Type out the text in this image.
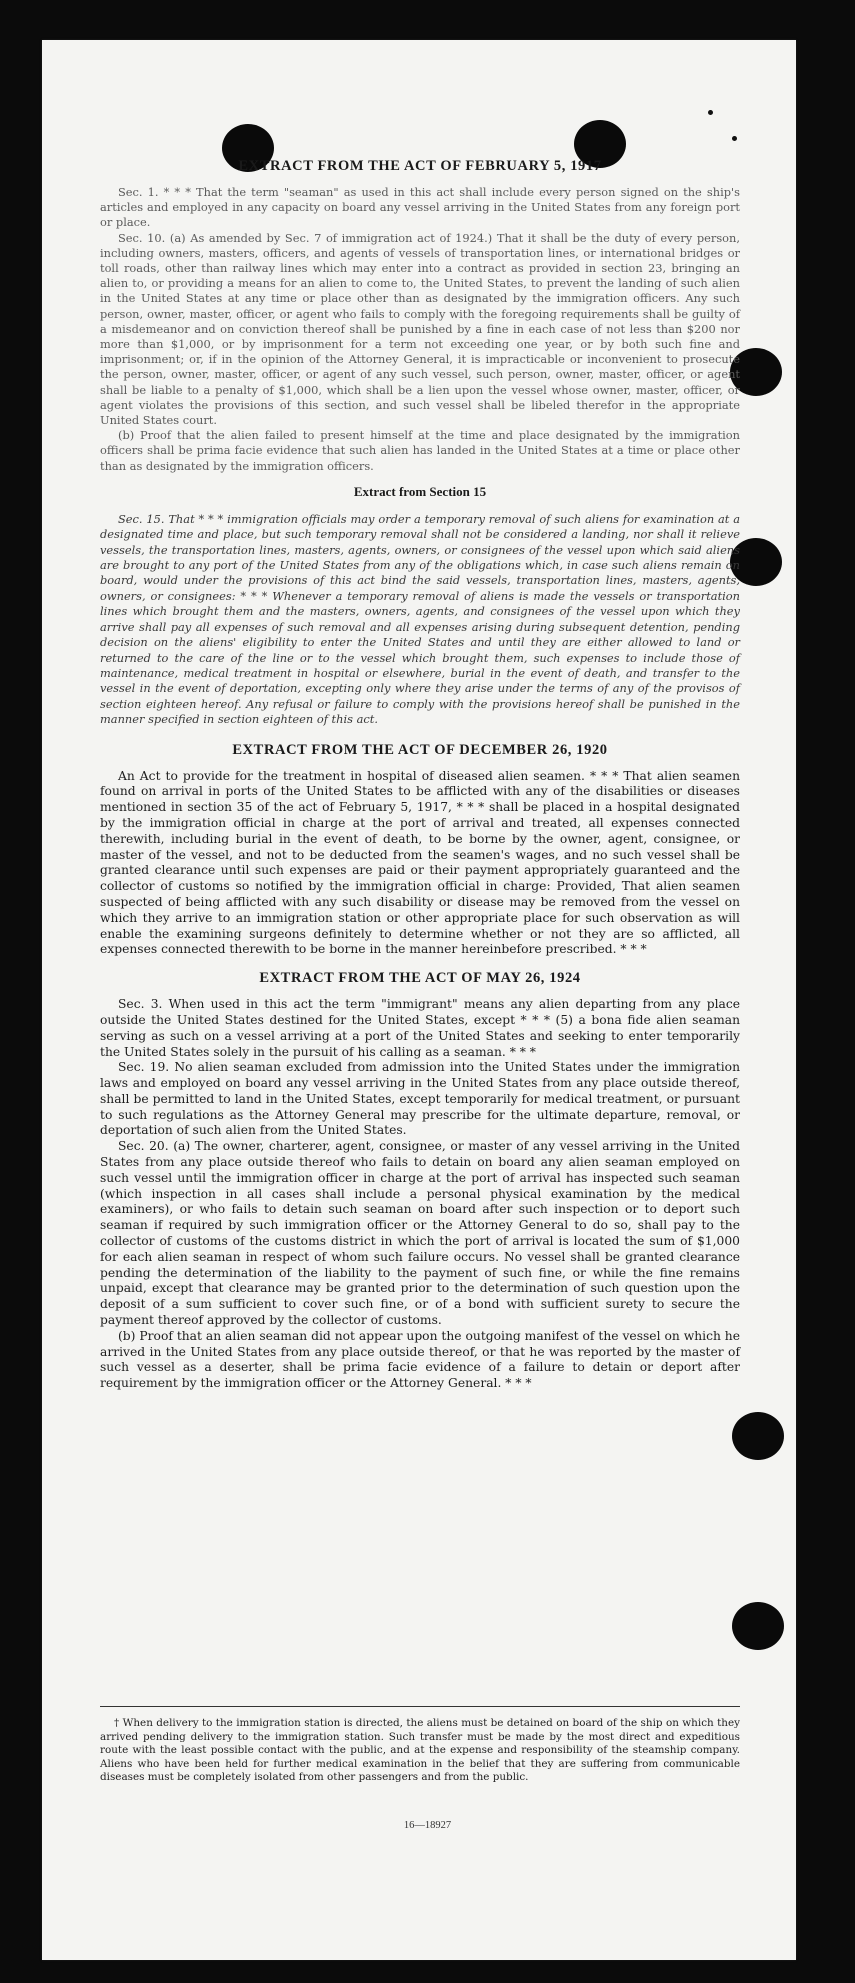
EXTRACT FROM THE ACT OF FEBRUARY 5, 1917

Sec. 1. * * * That the term "seaman" as used in this act shall include every person signed on the ship's articles and employed in any capacity on board any vessel arriving in the United States from any foreign port or place.

Sec. 10. (a) As amended by Sec. 7 of immigration act of 1924.) That it shall be the duty of every person, including owners, masters, officers, and agents of vessels of transportation lines, or international bridges or toll roads, other than railway lines which may enter into a contract as provided in section 23, bringing an alien to, or providing a means for an alien to come to, the United States, to prevent the landing of such alien in the United States at any time or place other than as designated by the immigration officers. Any such person, owner, master, officer, or agent who fails to comply with the foregoing requirements shall be guilty of a misdemeanor and on conviction thereof shall be punished by a fine in each case of not less than $200 nor more than $1,000, or by imprisonment for a term not exceeding one year, or by both such fine and imprisonment; or, if in the opinion of the Attorney General, it is impracticable or inconvenient to prosecute the person, owner, master, officer, or agent of any such vessel, such person, owner, master, officer, or agent shall be liable to a penalty of $1,000, which shall be a lien upon the vessel whose owner, master, officer, or agent violates the provisions of this section, and such vessel shall be libeled therefor in the appropriate United States court.

(b) Proof that the alien failed to present himself at the time and place designated by the immigration officers shall be prima facie evidence that such alien has landed in the United States at a time or place other than as designated by the immigration officers.

Extract from Section 15

Sec. 15. That * * * immigration officials may order a temporary removal of such aliens for examination at a designated time and place, but such temporary removal shall not be considered a landing, nor shall it relieve vessels, the transportation lines, masters, agents, owners, or consignees of the vessel upon which said aliens are brought to any port of the United States from any of the obligations which, in case such aliens remain on board, would under the provisions of this act bind the said vessels, transportation lines, masters, agents, owners, or consignees: * * * Whenever a temporary removal of aliens is made the vessels or transportation lines which brought them and the masters, owners, agents, and consignees of the vessel upon which they arrive shall pay all expenses of such removal and all expenses arising during subsequent detention, pending decision on the aliens' eligibility to enter the United States and until they are either allowed to land or returned to the care of the line or to the vessel which brought them, such expenses to include those of maintenance, medical treatment in hospital or elsewhere, burial in the event of death, and transfer to the vessel in the event of deportation, excepting only where they arise under the terms of any of the provisos of section eighteen hereof. Any refusal or failure to comply with the provisions hereof shall be punished in the manner specified in section eighteen of this act.

EXTRACT FROM THE ACT OF DECEMBER 26, 1920

An Act to provide for the treatment in hospital of diseased alien seamen. * * * That alien seamen found on arrival in ports of the United States to be afflicted with any of the disabilities or diseases mentioned in section 35 of the act of February 5, 1917, * * * shall be placed in a hospital designated by the immigration official in charge at the port of arrival and treated, all expenses connected therewith, including burial in the event of death, to be borne by the owner, agent, consignee, or master of the vessel, and not to be deducted from the seamen's wages, and no such vessel shall be granted clearance until such expenses are paid or their payment appropriately guaranteed and the collector of customs so notified by the immigration official in charge: Provided, That alien seamen suspected of being afflicted with any such disability or disease may be removed from the vessel on which they arrive to an immigration station or other appropriate place for such observation as will enable the examining surgeons definitely to determine whether or not they are so afflicted, all expenses connected therewith to be borne in the manner hereinbefore prescribed. * * *

EXTRACT FROM THE ACT OF MAY 26, 1924

Sec. 3. When used in this act the term "immigrant" means any alien departing from any place outside the United States destined for the United States, except * * * (5) a bona fide alien seaman serving as such on a vessel arriving at a port of the United States and seeking to enter temporarily the United States solely in the pursuit of his calling as a seaman. * * *

Sec. 19. No alien seaman excluded from admission into the United States under the immigration laws and employed on board any vessel arriving in the United States from any place outside thereof, shall be permitted to land in the United States, except temporarily for medical treatment, or pursuant to such regulations as the Attorney General may prescribe for the ultimate departure, removal, or deportation of such alien from the United States.

Sec. 20. (a) The owner, charterer, agent, consignee, or master of any vessel arriving in the United States from any place outside thereof who fails to detain on board any alien seaman employed on such vessel until the immigration officer in charge at the port of arrival has inspected such seaman (which inspection in all cases shall include a personal physical examination by the medical examiners), or who fails to detain such seaman on board after such inspection or to deport such seaman if required by such immigration officer or the Attorney General to do so, shall pay to the collector of customs of the customs district in which the port of arrival is located the sum of $1,000 for each alien seaman in respect of whom such failure occurs. No vessel shall be granted clearance pending the determination of the liability to the payment of such fine, or while the fine remains unpaid, except that clearance may be granted prior to the determination of such question upon the deposit of a sum sufficient to cover such fine, or of a bond with sufficient surety to secure the payment thereof approved by the collector of customs.

(b) Proof that an alien seaman did not appear upon the outgoing manifest of the vessel on which he arrived in the United States from any place outside thereof, or that he was reported by the master of such vessel as a deserter, shall be prima facie evidence of a failure to detain or deport after requirement by the immigration officer or the Attorney General. * * *

† When delivery to the immigration station is directed, the aliens must be detained on board of the ship on which they arrived pending delivery to the immigration station. Such transfer must be made by the most direct and expeditious route with the least possible contact with the public, and at the expense and responsibility of the steamship company. Aliens who have been held for further medical examination in the belief that they are suffering from communicable diseases must be completely isolated from other passengers and from the public.

16—18927
